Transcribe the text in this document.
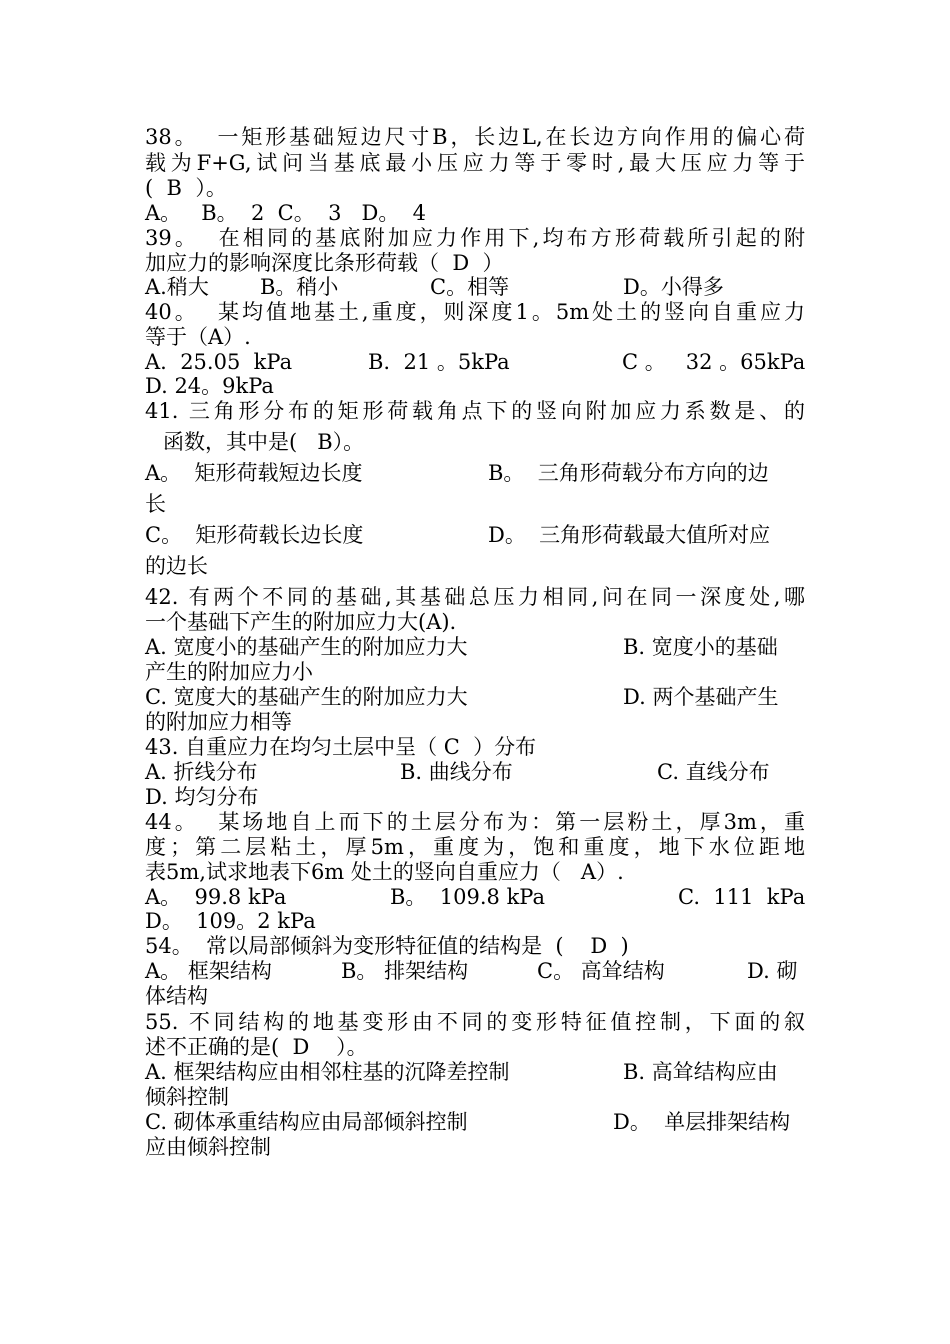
38。  一矩形基础短边尺寸B，长边L,在长边方向作用的偏心荷
载为F+G,试问当基底最小压应力等于零时,最大压应力等于
(  B  ）。
A。   B。  2  C。  3   D。  4
39。  在相同的基底附加应力作用下,均布方形荷载所引起的附
加应力的影响深度比条形荷载（  D  ）

A.稍大

B。稍小

	C。相等

	D。小得多

40。  某均值地基土,重度，则深度1。5m处土的竖向自重应力
等于（A）.

A.  25.05  kPa

	B.  21 。5kPa

	C 。   32 。65kPa

D. 24。9kPa
41. 三角形分布的矩形荷载角点下的竖向附加应力系数是、的
函数，其中是(   B）。

A。  矩形荷载短边长度

	B。  三角形荷载分布方向的边

长

C。  矩形荷载长边长度

	D。  三角形荷载最大值所对应

的边长
42. 有两个不同的基础,其基础总压力相同,问在同一深度处,哪
一个基础下产生的附加应力大(A).

A. 宽度小的基础产生的附加应力大

	B. 宽度小的基础

产生的附加应力小

C. 宽度大的基础产生的附加应力大

	D. 两个基础产生

的附加应力相等
43. 自重应力在均匀土层中呈（ C  ）分布

A. 折线分布

	B. 曲线分布

	C. 直线分布

D. 均匀分布
44。  某场地自上而下的土层分布为：第一层粉土，厚3m，重
度；第二层粘土，厚5m，重度为，饱和重度，地下水位距地
表5m,试求地表下6m 处土的竖向自重应力（   A）.

A。  99.8 kPa

	B。  109.8 kPa

	C.  111  kPa

D。  109。2 kPa
54。  常以局部倾斜为变形特征值的结构是  (    D  )

A。 框架结构

	B。 排架结构

	C。 高耸结构

	D. 砌

体结构
55. 不同结构的地基变形由不同的变形特征值控制，下面的叙
述不正确的是(  D    ）。

A. 框架结构应由相邻柱基的沉降差控制

	B. 高耸结构应由

倾斜控制

C. 砌体承重结构应由局部倾斜控制

	D。  单层排架结构

应由倾斜控制
